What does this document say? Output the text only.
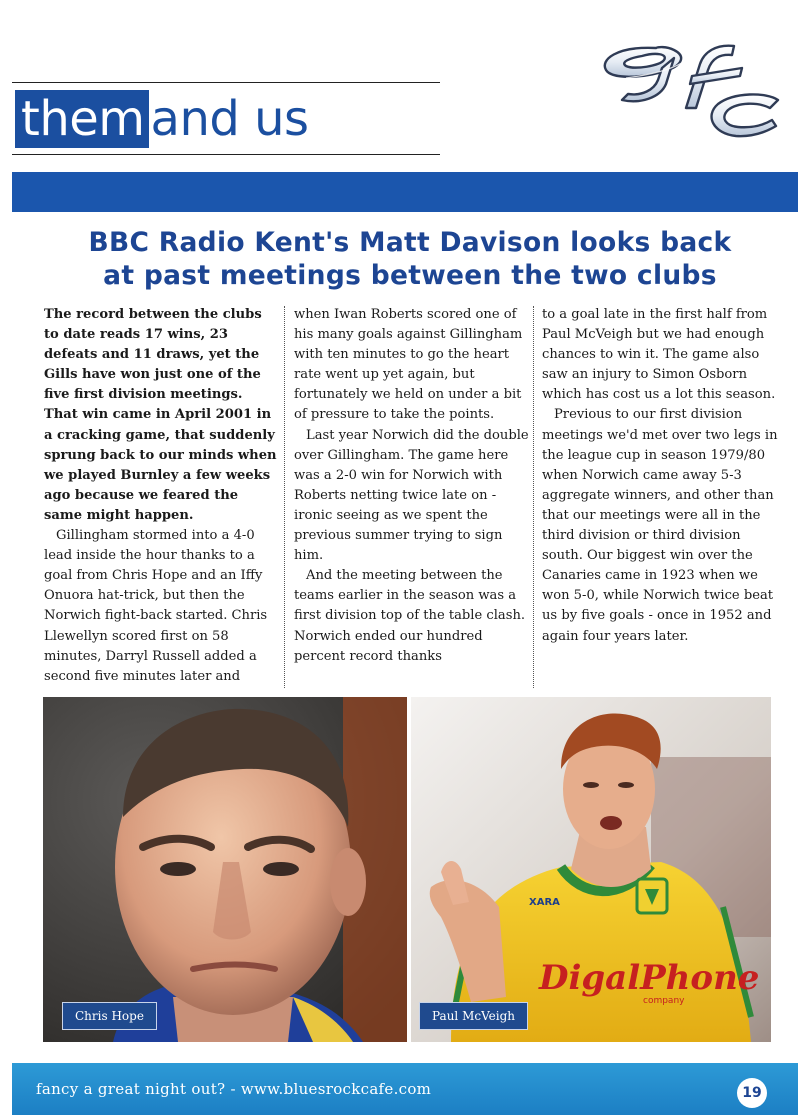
them and us
BBC Radio Kent's Matt Davison looks back
at past meetings between the two clubs

The record between the clubs to date reads 17 wins, 23 defeats and 11 draws, yet the Gills have won just one of the five first division meetings. That win came in April 2001 in a cracking game, that suddenly sprung back to our minds when we played Burnley a few weeks ago because we feared the same might happen.

Gillingham stormed into a 4-0 lead inside the hour thanks to a goal from Chris Hope and an Iffy Onuora hat-trick, but then the Norwich fight-back started. Chris Llewellyn scored first on 58 minutes, Darryl Russell added a second five minutes later and

when Iwan Roberts scored one of his many goals against Gillingham with ten minutes to go the heart rate went up yet again, but fortunately we held on under a bit of pressure to take the points.

Last year Norwich did the double over Gillingham. The game here was a 2-0 win for Norwich with Roberts netting twice late on - ironic seeing as we spent the previous summer trying to sign him.

And the meeting between the teams earlier in the season was a first division top of the table clash. Norwich ended our hundred percent record thanks

to a goal late in the first half from Paul McVeigh but we had enough chances to win it. The game also saw an injury to Simon Osborn which has cost us a lot this season.

Previous to our first division meetings we'd met over two legs in the league cup in season 1979/80 when Norwich came away 5-3 aggregate winners, and other than that our meetings were all in the third division or third division south. Our biggest win over the Canaries came in 1923 when we won 5-0, while Norwich twice beat us by five goals - once in 1952 and again four years later.

Chris Hope
XARA
DigalPhone
company
Paul McVeigh
fancy a great night out? - www.bluesrockcafe.com	19
